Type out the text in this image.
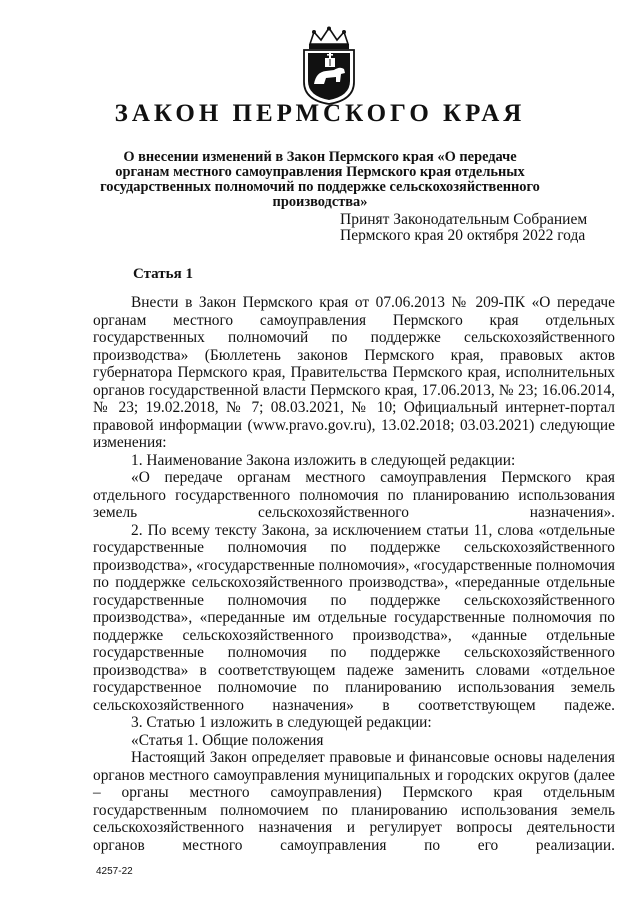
ЗАКОН ПЕРМСКОГО КРАЯ

О внесении изменений в Закон Пермского края «О передаче органам местного самоуправления Пермского края отдельных государственных полномочий по поддержке сельскохозяйственного производства»

Принят Законодательным Собранием
Пермского края 20 октября 2022 года
Статья 1

Внести в Закон Пермского края от 07.06.2013 № 209-ПК «О передаче органам местного самоуправления Пермского края отдельных государственных полномочий по поддержке сельскохозяйственного производства» (Бюллетень законов Пермского края, правовых актов губернатора Пермского края, Правительства Пермского края, исполнительных органов государственной власти Пермского края, 17.06.2013, № 23; 16.06.2014, № 23; 19.02.2018, № 7; 08.03.2021, № 10; Официальный интернет-портал правовой информации (www.pravo.gov.ru), 13.02.2018; 03.03.2021) следующие изменения:

1. Наименование Закона изложить в следующей редакции:

«О передаче органам местного самоуправления Пермского края отдельного государственного полномочия по планированию использования земель сельскохозяйственного назначения».

2. По всему тексту Закона, за исключением статьи 11, слова «отдельные государственные полномочия по поддержке сельскохозяйственного производства», «государственные полномочия», «государственные полномочия по поддержке сельскохозяйственного производства», «переданные отдельные государственные полномочия по поддержке сельскохозяйственного производства», «переданные им отдельные государственные полномочия по поддержке сельскохозяйственного производства», «данные отдельные государственные полномочия по поддержке сельскохозяйственного производства» в соответствующем падеже заменить словами «отдельное государственное полномочие по планированию использования земель сельскохозяйственного назначения» в соответствующем падеже.

3. Статью 1 изложить в следующей редакции:

«Статья 1. Общие положения

Настоящий Закон определяет правовые и финансовые основы наделения органов местного самоуправления муниципальных и городских округов (далее – органы местного самоуправления) Пермского края отдельным государственным полномочием по планированию использования земель сельскохозяйственного назначения и регулирует вопросы деятельности органов местного самоуправления по его реализации.

4257-22
